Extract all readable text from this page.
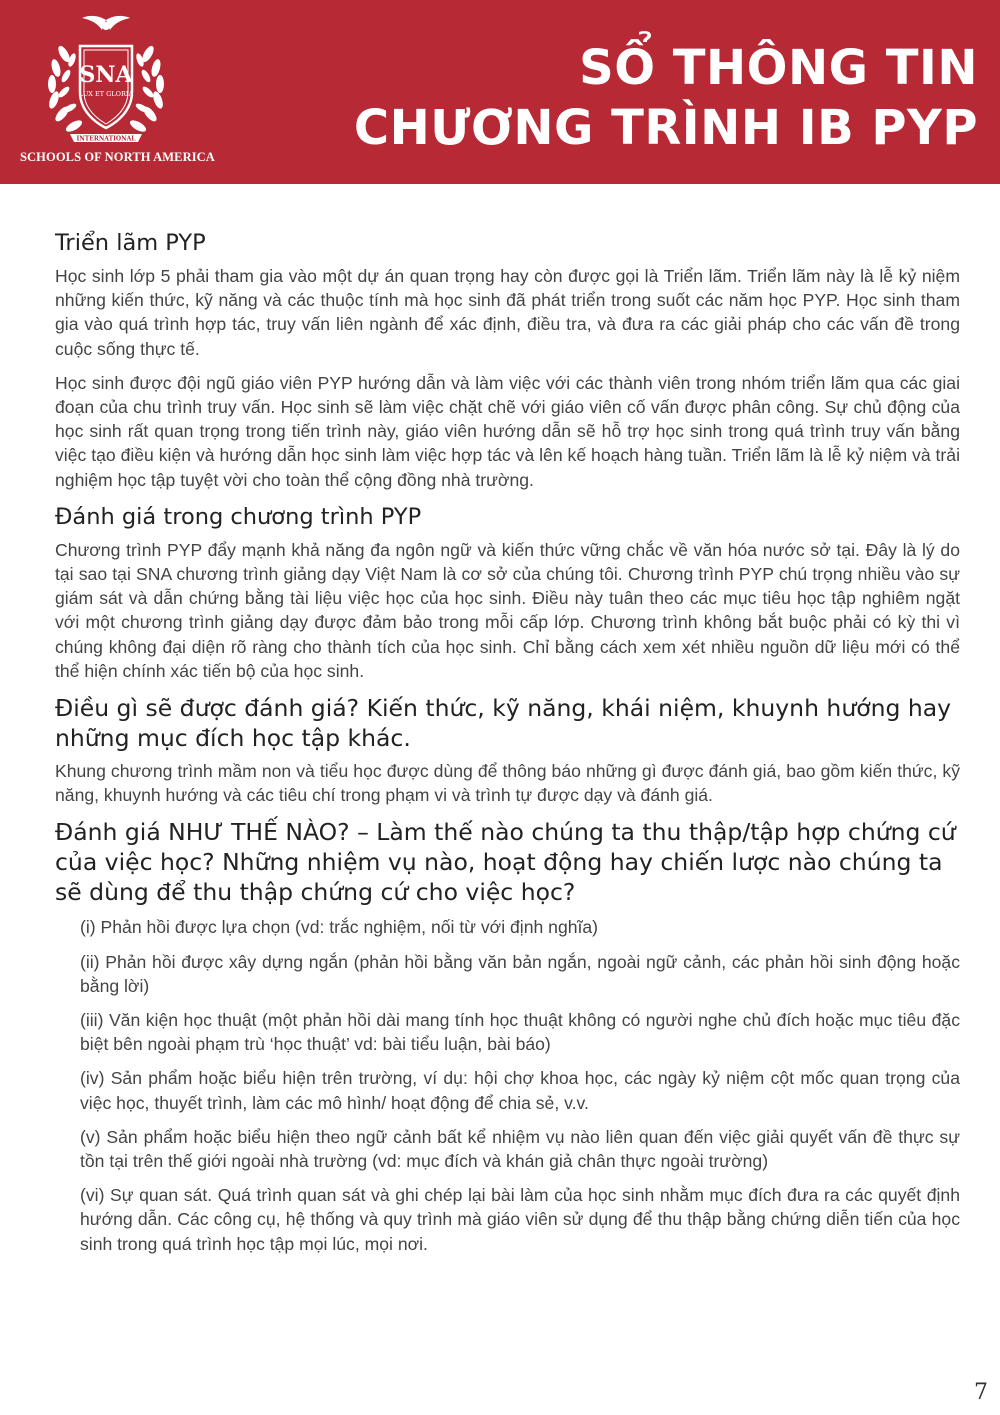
SNA
LUX ET GLORIA
INTERNATIONAL
SCHOOLS OF NORTH AMERICA
SỔ THÔNG TIN
CHƯƠNG TRÌNH IB PYP
Triển lãm PYP

Học sinh lớp 5 phải tham gia vào một dự án quan trọng hay còn được gọi là Triển lãm. Triển lãm này là lễ kỷ niệm những kiến thức, kỹ năng và các thuộc tính mà học sinh đã phát triển trong suốt các năm học PYP. Học sinh tham gia vào quá trình hợp tác, truy vấn liên ngành để xác định, điều tra, và đưa ra các giải pháp cho các vấn đề trong cuộc sống thực tế.

Học sinh được đội ngũ giáo viên PYP hướng dẫn và làm việc với các thành viên trong nhóm triển lãm qua các giai đoạn của chu trình truy vấn. Học sinh sẽ làm việc chặt chẽ với giáo viên cố vấn được phân công. Sự chủ động của học sinh rất quan trọng trong tiến trình này, giáo viên hướng dẫn sẽ hỗ trợ học sinh trong quá trình truy vấn bằng việc tạo điều kiện và hướng dẫn học sinh làm việc hợp tác và lên kế hoạch hàng tuần. Triển lãm là lễ kỷ niệm và trải nghiệm học tập tuyệt vời cho toàn thể cộng đồng nhà trường.

Đánh giá trong chương trình PYP

Chương trình PYP đẩy mạnh khả năng đa ngôn ngữ và kiến thức vững chắc về văn hóa nước sở tại. Đây là lý do tại sao tại SNA chương trình giảng dạy Việt Nam là cơ sở của chúng tôi. Chương trình PYP chú trọng nhiều vào sự giám sát và dẫn chứng bằng tài liệu việc học của học sinh. Điều này tuân theo các mục tiêu học tập nghiêm ngặt với một chương trình giảng dạy được đảm bảo trong mỗi cấp lớp. Chương trình không bắt buộc phải có kỳ thi vì chúng không đại diện rõ ràng cho thành tích của học sinh. Chỉ bằng cách xem xét nhiều nguồn dữ liệu mới có thể thể hiện chính xác tiến bộ của học sinh.

Điều gì sẽ được đánh giá? Kiến thức, kỹ năng, khái niệm, khuynh hướng hay những mục đích học tập khác.

Khung chương trình mầm non và tiểu học được dùng để thông báo những gì được đánh giá, bao gồm kiến thức, kỹ năng, khuynh hướng và các tiêu chí trong phạm vi và trình tự được dạy và đánh giá.

Đánh giá NHƯ THẾ NÀO? – Làm thế nào chúng ta thu thập/tập hợp chứng cứ của việc học? Những nhiệm vụ nào, hoạt động hay chiến lược nào chúng ta sẽ dùng để thu thập chứng cứ cho việc học?

(i) Phản hồi được lựa chọn (vd: trắc nghiệm, nối từ với định nghĩa)

(ii) Phản hồi được xây dựng ngắn (phản hồi bằng văn bản ngắn, ngoài ngữ cảnh, các phản hồi sinh động hoặc bằng lời)

(iii) Văn kiện học thuật (một phản hồi dài mang tính học thuật không có người nghe chủ đích hoặc mục tiêu đặc biệt bên ngoài phạm trù ‘học thuật’ vd: bài tiểu luận, bài báo)

(iv) Sản phẩm hoặc biểu hiện trên trường, ví dụ: hội chợ khoa học, các ngày kỷ niệm cột mốc quan trọng của việc học, thuyết trình, làm các mô hình/ hoạt động để chia sẻ, v.v.

(v) Sản phẩm hoặc biểu hiện theo ngữ cảnh bất kể nhiệm vụ nào liên quan đến việc giải quyết vấn đề thực sự tồn tại trên thế giới ngoài nhà trường (vd: mục đích và khán giả chân thực ngoài trường)

(vi) Sự quan sát. Quá trình quan sát và ghi chép lại bài làm của học sinh nhằm mục đích đưa ra các quyết định hướng dẫn. Các công cụ, hệ thống và quy trình mà giáo viên sử dụng để thu thập bằng chứng diễn tiến của học sinh trong quá trình học tập mọi lúc, mọi nơi.

7
